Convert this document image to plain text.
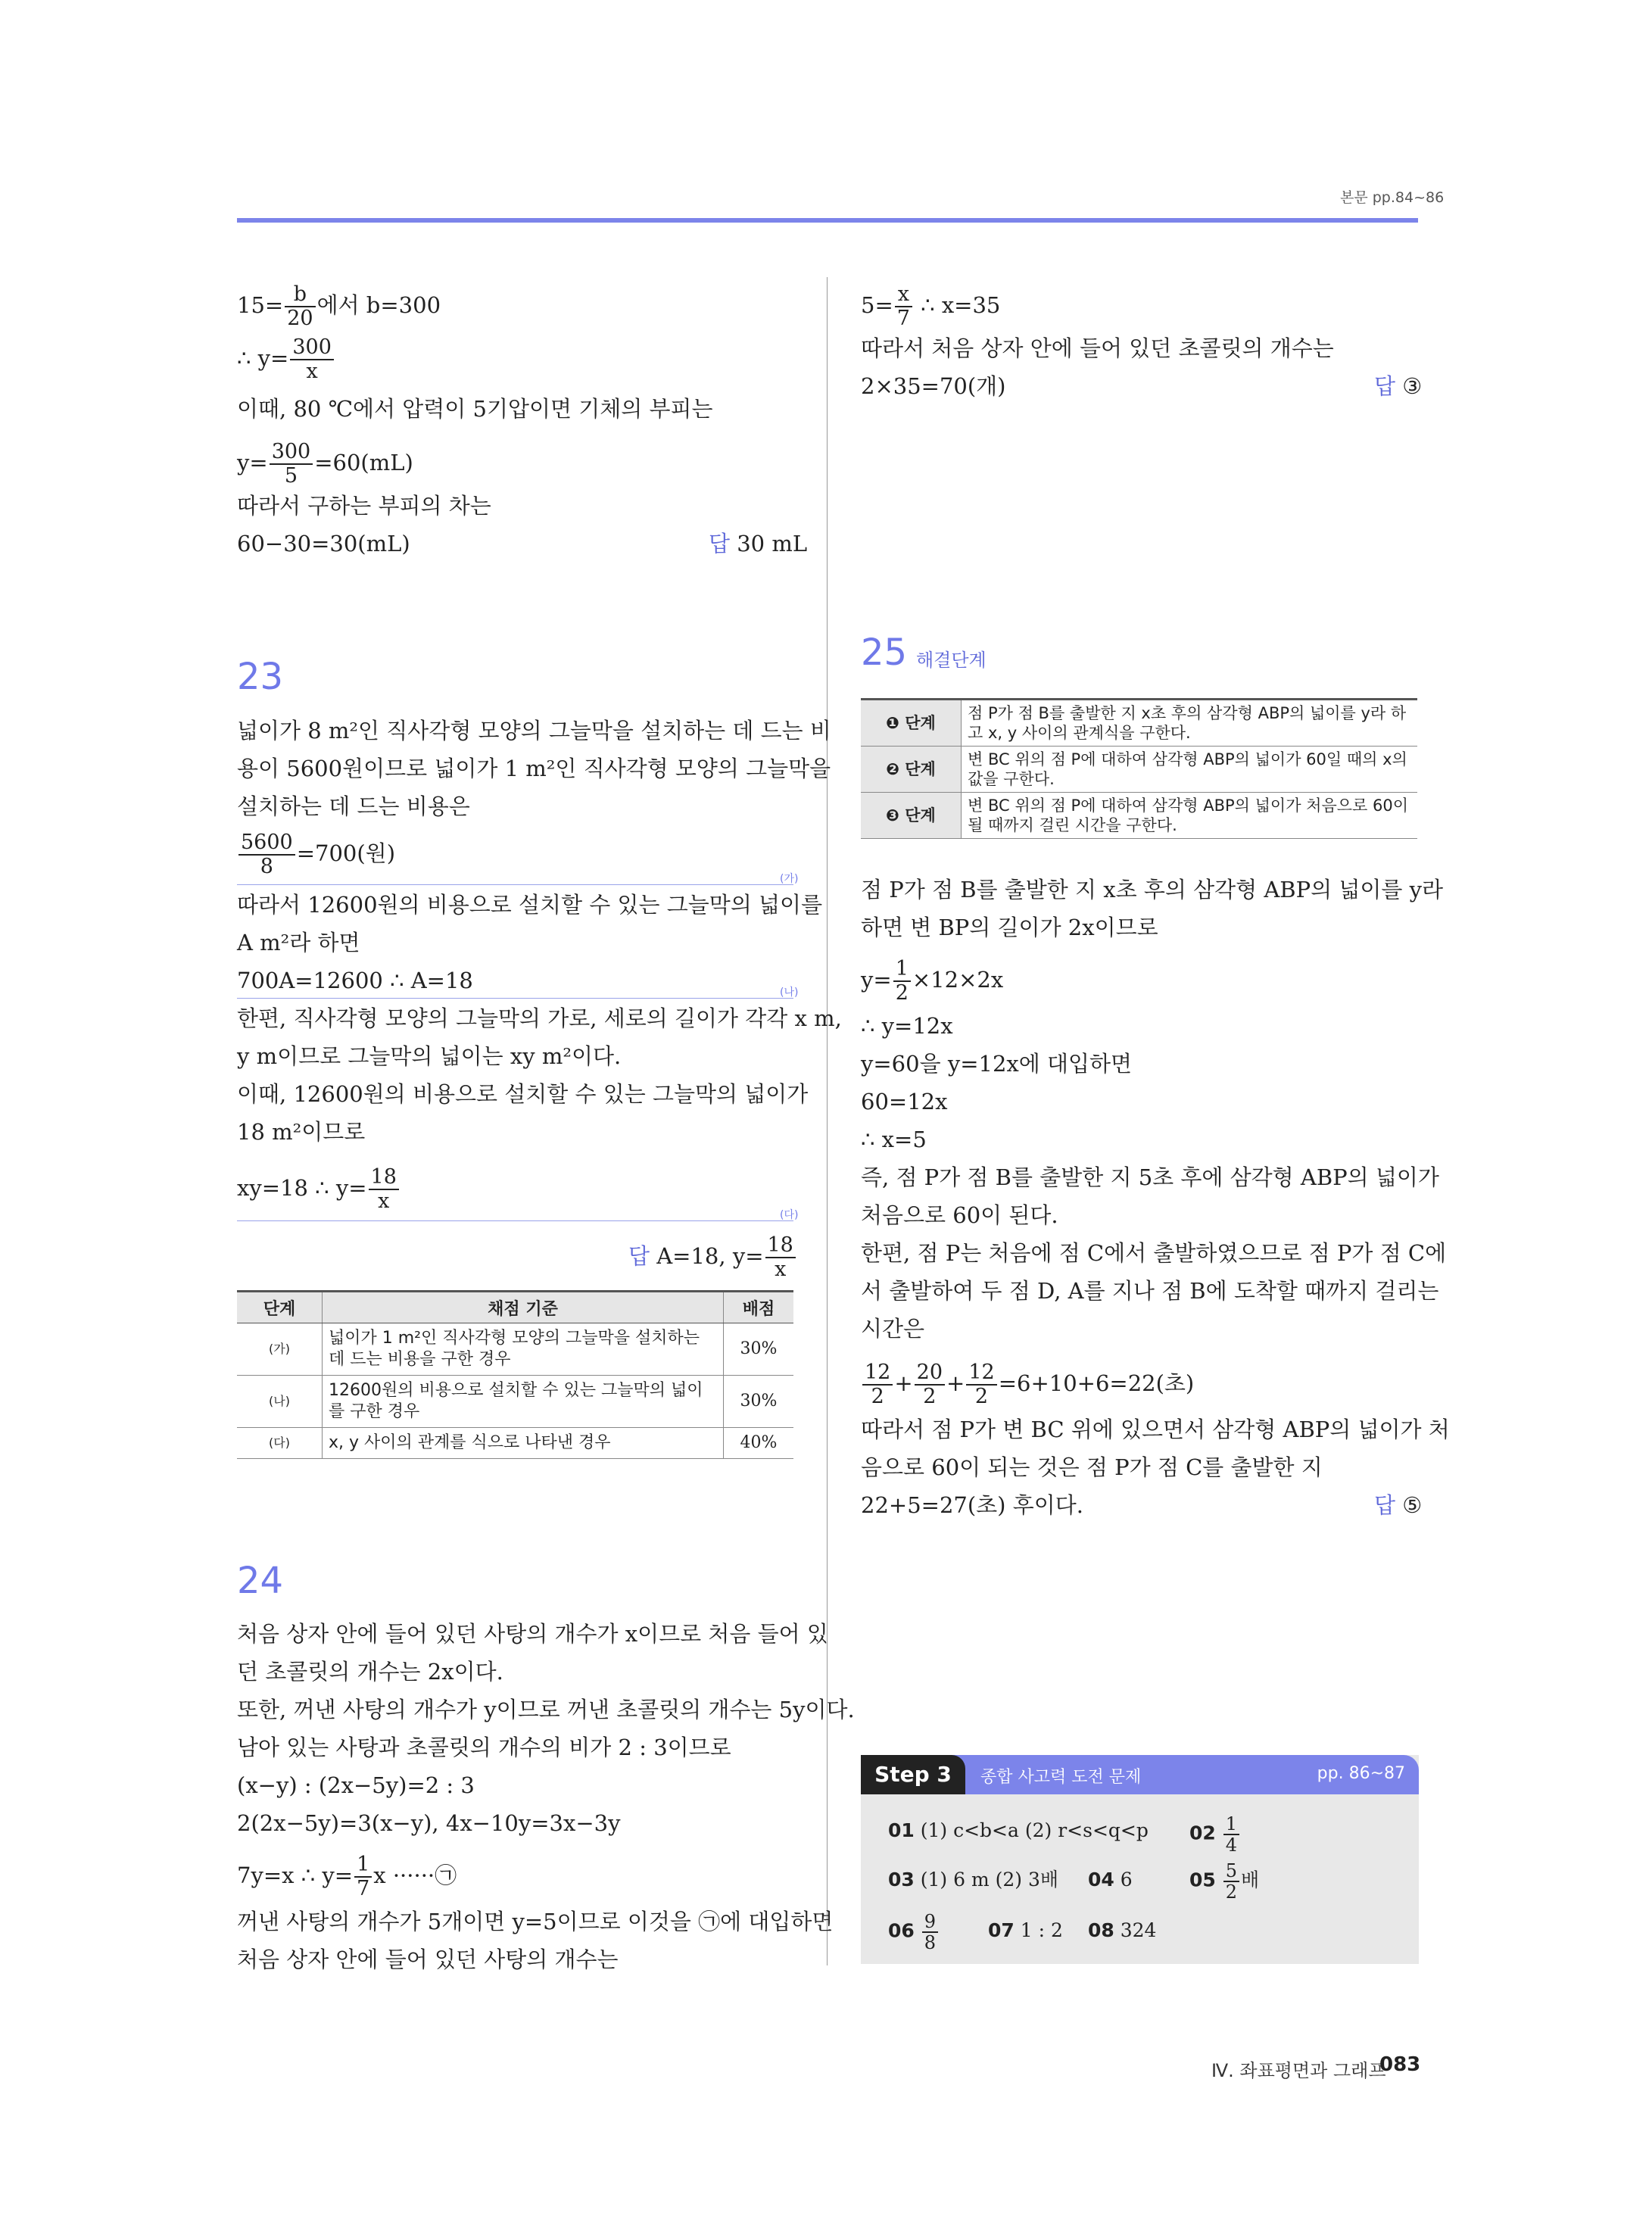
본문 pp.84~86
$15= \frac{b}{20}$ 에서 b=300
∴ $y= \frac{300}{x}$
이때, 80 ℃에서 압력이 5기압이면 기체의 부피는
$y= \frac{300}{5} =60(mL)$
따라서 구하는 부피의 차는
60−30=30(mL)	답 30 mL
23
넓이가 8 m²인 직사각형 모양의 그늘막을 설치하는 데 드는 비
용이 5600원이므로 넓이가 1 m²인 직사각형 모양의 그늘막을
설치하는 데 드는 비용은
$\frac{5600}{8} =700$(원)
(가)
따라서 12600원의 비용으로 설치할 수 있는 그늘막의 넓이를
A m²라 하면
700A=12600 ∴ A=18	(나)
한편, 직사각형 모양의 그늘막의 가로, 세로의 길이가 각각 x m,
y m이므로 그늘막의 넓이는 xy m²이다.
이때, 12600원의 비용으로 설치할 수 있는 그늘막의 넓이가
18 m²이므로
xy=18 ∴ $y= \frac{18}{x}$
(다)
답 A=18, $y= \frac{18}{x}$
단계	채점 기준	배점
(가)	넓이가 1 m²인 직사각형 모양의 그늘막을 설치하는 데 드는 비용을 구한 경우	30%
(나)	12600원의 비용으로 설치할 수 있는 그늘막의 넓이를 구한 경우	30%
(다)	x, y 사이의 관계를 식으로 나타낸 경우	40%
24
처음 상자 안에 들어 있던 사탕의 개수가 x이므로 처음 들어 있
던 초콜릿의 개수는 2x이다.
또한, 꺼낸 사탕의 개수가 y이므로 꺼낸 초콜릿의 개수는 5y이다.
남아 있는 사탕과 초콜릿의 개수의 비가 2 : 3이므로
(x−y) : (2x−5y)=2 : 3
2(2x−5y)=3(x−y), 4x−10y=3x−3y
7y=x ∴ $y= \frac{1}{7}$ x ······㉠
꺼낸 사탕의 개수가 5개이면 y=5이므로 이것을 ㉠에 대입하면
처음 상자 안에 들어 있던 사탕의 개수는
$5= \frac{x}{7}$ ∴ x=35
따라서 처음 상자 안에 들어 있던 초콜릿의 개수는
2×35=70(개)	답 ③
25 해결단계
❶ 단계	점 P가 점 B를 출발한 지 x초 후의 삼각형 ABP의 넓이를 y라 하고 x, y 사이의 관계식을 구한다.
❷ 단계	변 BC 위의 점 P에 대하여 삼각형 ABP의 넓이가 60일 때의 x의 값을 구한다.
❸ 단계	변 BC 위의 점 P에 대하여 삼각형 ABP의 넓이가 처음으로 60이 될 때까지 걸린 시간을 구한다.
점 P가 점 B를 출발한 지 x초 후의 삼각형 ABP의 넓이를 y라
하면 변 BP의 길이가 2x이므로
$y= \frac{1}{2} \times 12\times 2x$
∴ y=12x
y=60을 y=12x에 대입하면
60=12x
∴ x=5
즉, 점 P가 점 B를 출발한 지 5초 후에 삼각형 ABP의 넓이가
처음으로 60이 된다.
한편, 점 P는 처음에 점 C에서 출발하였으므로 점 P가 점 C에
서 출발하여 두 점 D, A를 지나 점 B에 도착할 때까지 걸리는
시간은
$\frac{12}{2} + \frac{20}{2} + \frac{12}{2} =6+10+6=22$(초)
따라서 점 P가 변 BC 위에 있으면서 삼각형 ABP의 넓이가 처
음으로 60이 되는 것은 점 P가 점 C를 출발한 지
22+5=27(초) 후이다.	답 ⑤
Step 3	종합 사고력 도전 문제	pp. 86~87
01 (1) c<b<a (2) r<s<q<p $02 \frac{1}{4}$
03 (1) 6 m (2) 3배 04 6	$05 \frac{5}{2}$ 배
$06 \frac{9}{8}$	07 1 : 2 08 324
Ⅳ. 좌표평면과 그래프
083
